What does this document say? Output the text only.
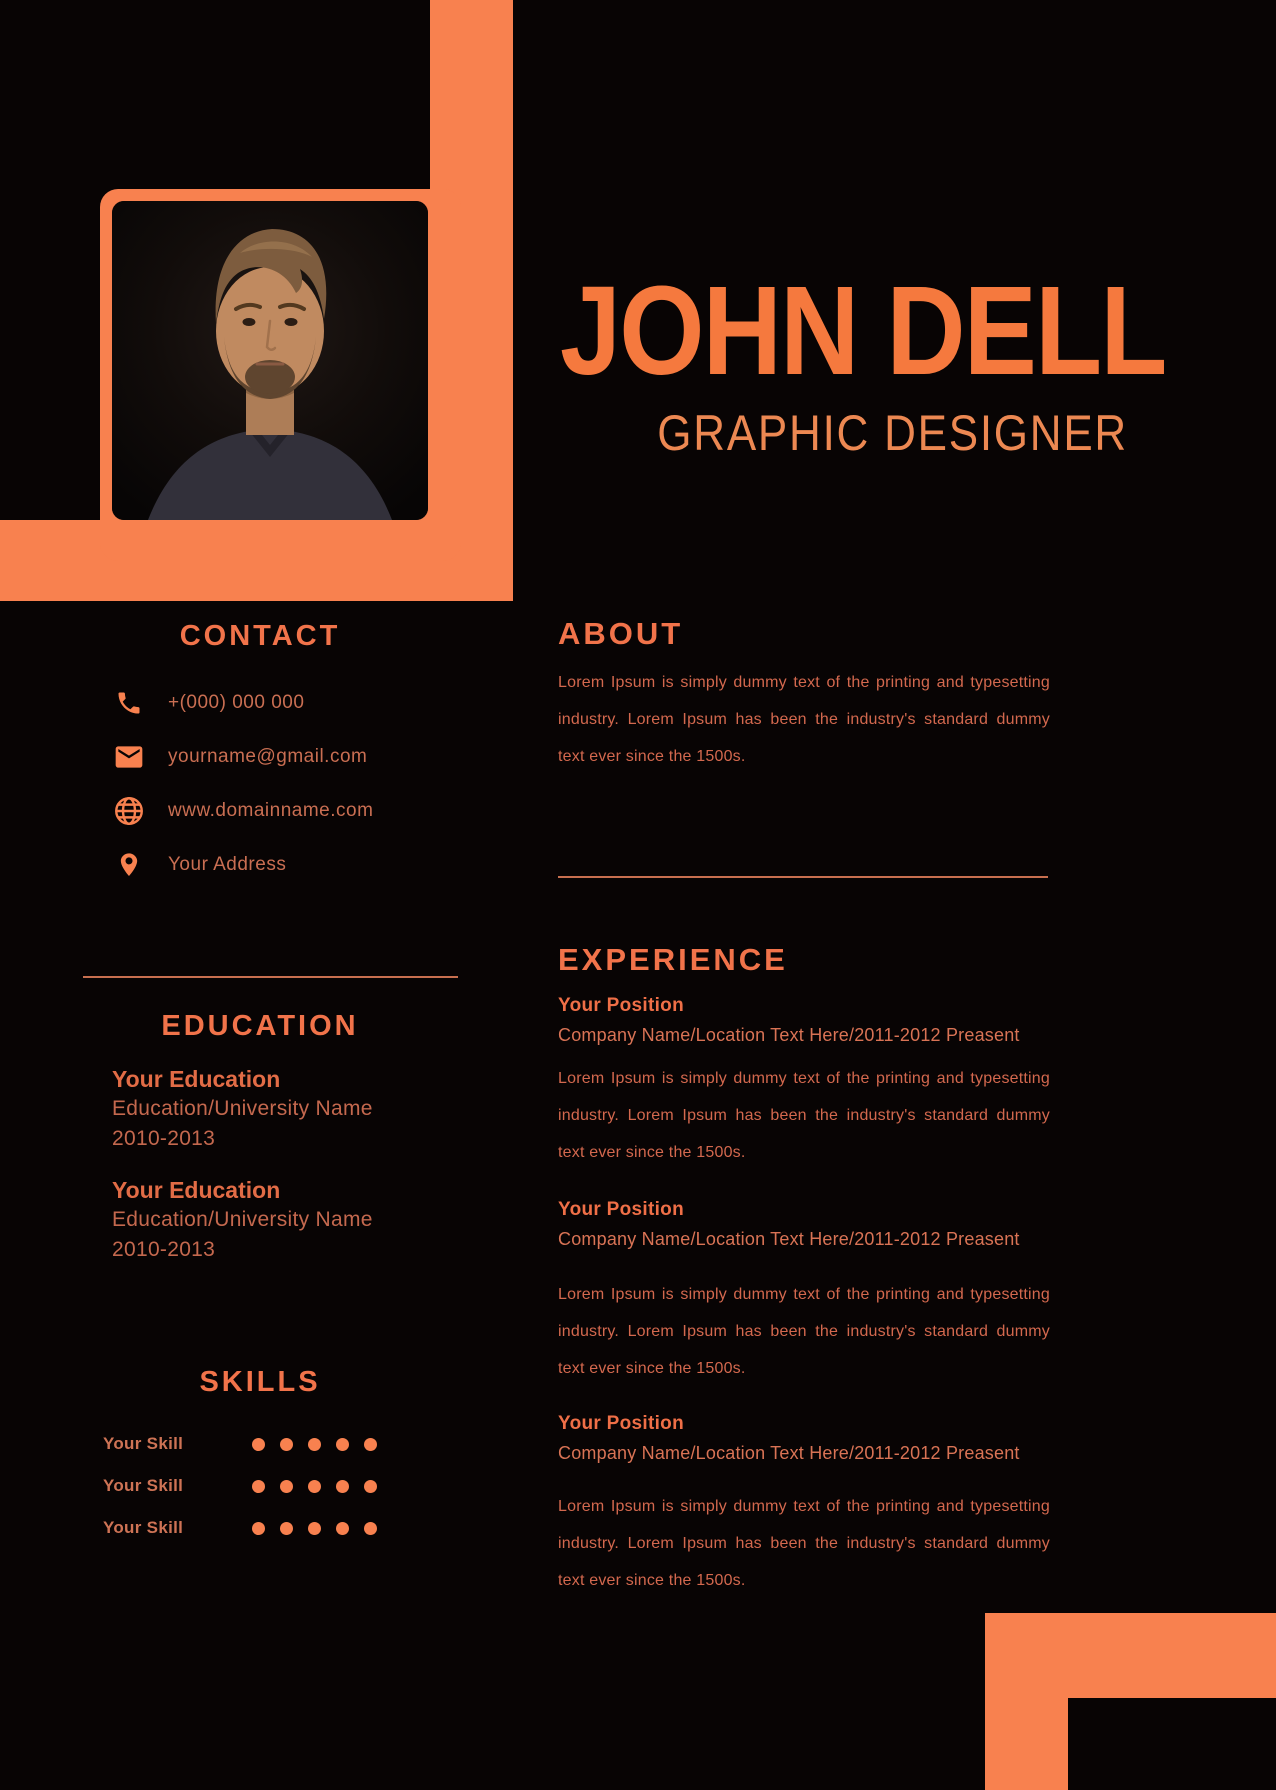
JOHN DELL
GRAPHIC DESIGNER
CONTACT
+(000) 000 000
yourname@gmail.com
www.domainname.com
Your Address
EDUCATION
Your Education
Education/University Name
2010-2013
Your Education
Education/University Name
2010-2013
SKILLS
Your Skill
Your Skill
Your Skill
ABOUT

Lorem Ipsum is simply dummy text of the printing and typesetting industry. Lorem Ipsum has been the industry's standard dummy text ever since the 1500s.

EXPERIENCE
Your Position
Company Name/Location Text Here/2011-2012 Preasent

Lorem Ipsum is simply dummy text of the printing and typesetting industry. Lorem Ipsum has been the industry's standard dummy text ever since the 1500s.

Your Position
Company Name/Location Text Here/2011-2012 Preasent

Lorem Ipsum is simply dummy text of the printing and typesetting industry. Lorem Ipsum has been the industry's standard dummy text ever since the 1500s.

Your Position
Company Name/Location Text Here/2011-2012 Preasent

Lorem Ipsum is simply dummy text of the printing and typesetting industry. Lorem Ipsum has been the industry's standard dummy text ever since the 1500s.
